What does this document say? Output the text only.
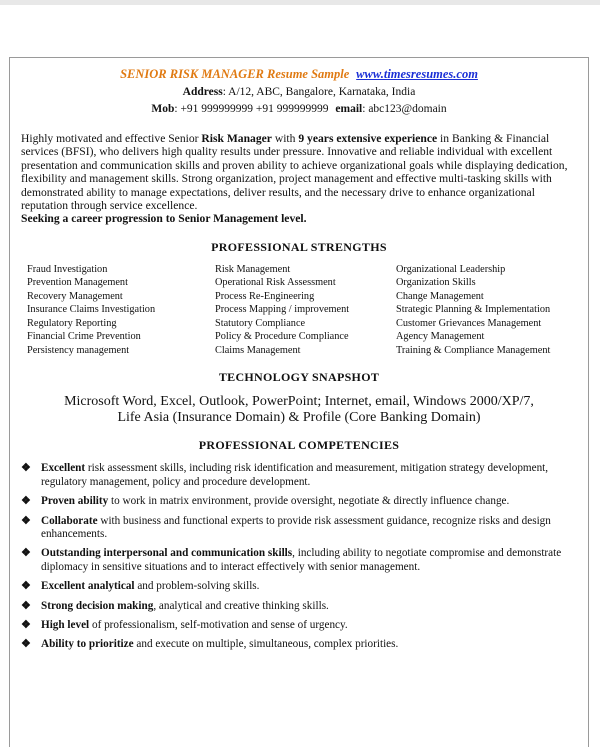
SENIOR RISK MANAGER Resume Sample www.timesresumes.com
Address: A/12, ABC, Bangalore, Karnataka, India
Mob: +91 999999999 +91 999999999 email: abc123@domain
Highly motivated and effective Senior Risk Manager with 9 years extensive experience in Banking & Financial services (BFSI), who delivers high quality results under pressure. Innovative and reliable individual with excellent presentation and communication skills and proven ability to achieve organizational goals while displaying dedication, flexibility and management skills. Strong organization, project management and effective multi-tasking skills with demonstrated ability to manage expectations, deliver results, and the necessary drive to enhance organizational reputation through service excellence.
Seeking a career progression to Senior Management level.
PROFESSIONAL STRENGTHS
Fraud Investigation
Prevention Management
Recovery Management
Insurance Claims Investigation
Regulatory Reporting
Financial Crime Prevention
Persistency management
Risk Management
Operational Risk Assessment
Process Re-Engineering
Process Mapping / improvement
Statutory Compliance
Policy & Procedure Compliance
Claims Management
Organizational Leadership
Organization Skills
Change Management
Strategic Planning & Implementation
Customer Grievances Management
Agency Management
Training & Compliance Management
TECHNOLOGY SNAPSHOT
Microsoft Word, Excel, Outlook, PowerPoint; Internet, email, Windows 2000/XP/7,
Life Asia (Insurance Domain) & Profile (Core Banking Domain)
PROFESSIONAL COMPETENCIES
❖ Excellent risk assessment skills, including risk identification and measurement, mitigation strategy development, regulatory management, policy and procedure development.
❖ Proven ability to work in matrix environment, provide oversight, negotiate & directly influence change.
❖ Collaborate with business and functional experts to provide risk assessment guidance, recognize risks and design enhancements.
❖ Outstanding interpersonal and communication skills, including ability to negotiate compromise and demonstrate diplomacy in sensitive situations and to interact effectively with senior management.
❖ Excellent analytical and problem-solving skills.
❖ Strong decision making, analytical and creative thinking skills.
❖ High level of professionalism, self-motivation and sense of urgency.
❖ Ability to prioritize and execute on multiple, simultaneous, complex priorities.
